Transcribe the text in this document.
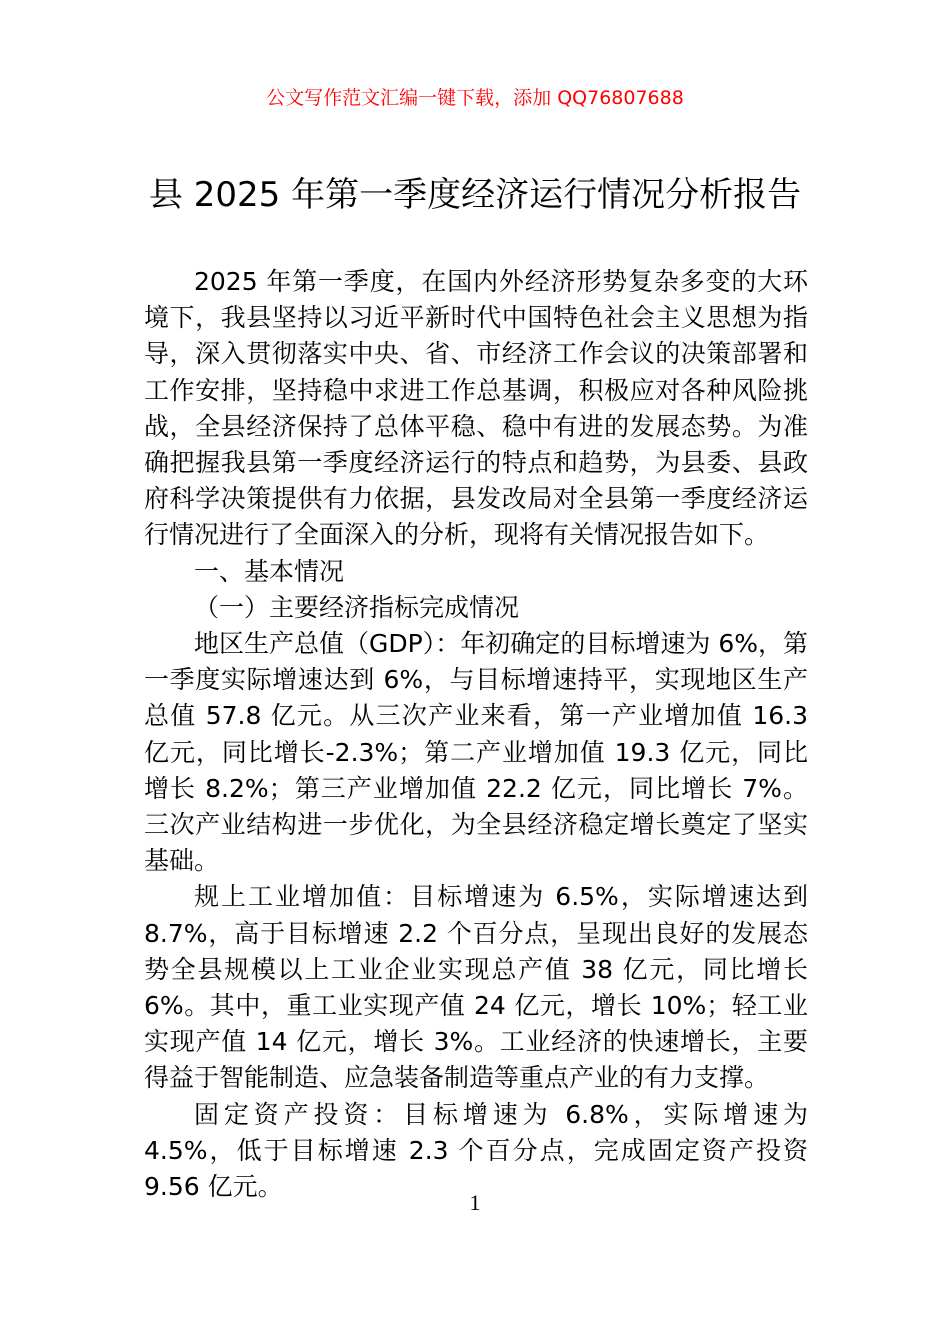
公文写作范文汇编一键下载，添加 QQ76807688
县 2025 年第一季度经济运行情况分析报告

2025 年第一季度，在国内外经济形势复杂多变的大环境下，我县坚持以习近平新时代中国特色社会主义思想为指导，深入贯彻落实中央、省、市经济工作会议的决策部署和工作安排，坚持稳中求进工作总基调，积极应对各种风险挑战，全县经济保持了总体平稳、稳中有进的发展态势。为准确把握我县第一季度经济运行的特点和趋势，为县委、县政府科学决策提供有力依据，县发改局对全县第一季度经济运行情况进行了全面深入的分析，现将有关情况报告如下。

一、基本情况

（一）主要经济指标完成情况

地区生产总值（GDP）：年初确定的目标增速为 6%，第一季度实际增速达到 6%，与目标增速持平，实现地区生产总值 57.8 亿元。从三次产业来看，第一产业增加值 16.3 亿元，同比增长-2.3%；第二产业增加值 19.3 亿元，同比增长 8.2%；第三产业增加值 22.2 亿元，同比增长 7%。三次产业结构进一步优化，为全县经济稳定增长奠定了坚实基础。

规上工业增加值：目标增速为 6.5%，实际增速达到 8.7%，高于目标增速 2.2 个百分点，呈现出良好的发展态势全县规模以上工业企业实现总产值 38 亿元，同比增长 6%。其中，重工业实现产值 24 亿元，增长 10%；轻工业实现产值 14 亿元，增长 3%。工业经济的快速增长，主要得益于智能制造、应急装备制造等重点产业的有力支撑。

固定资产投资：目标增速为 6.8%，实际增速为 4.5%，低于目标增速 2.3 个百分点，完成固定资产投资 9.56 亿元。

1
